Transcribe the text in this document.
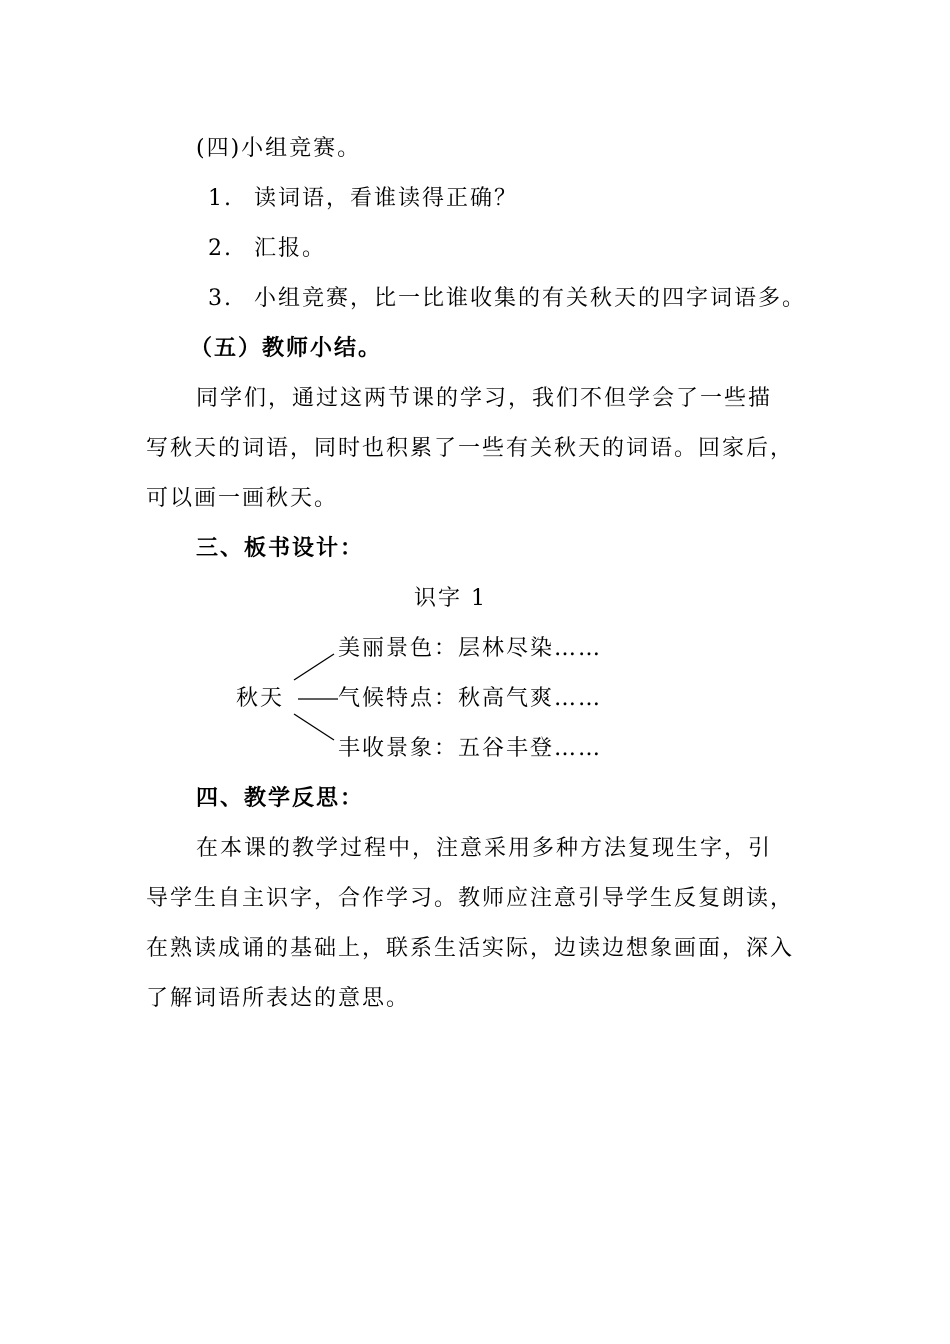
(四)小组竞赛。
1. 读词语，看谁读得正确？
2. 汇报。
3. 小组竞赛，比一比谁收集的有关秋天的四字词语多。
（五）教师小结。
同学们，通过这两节课的学习，我们不但学会了一些描
写秋天的词语，同时也积累了一些有关秋天的词语。回家后，
可以画一画秋天。
三、板书设计：
识字 1
秋天
美丽景色：层林尽染……
气候特点：秋高气爽……
丰收景象：五谷丰登……
四、教学反思：
在本课的教学过程中，注意采用多种方法复现生字，引
导学生自主识字，合作学习。教师应注意引导学生反复朗读，
在熟读成诵的基础上，联系生活实际，边读边想象画面，深入
了解词语所表达的意思。
